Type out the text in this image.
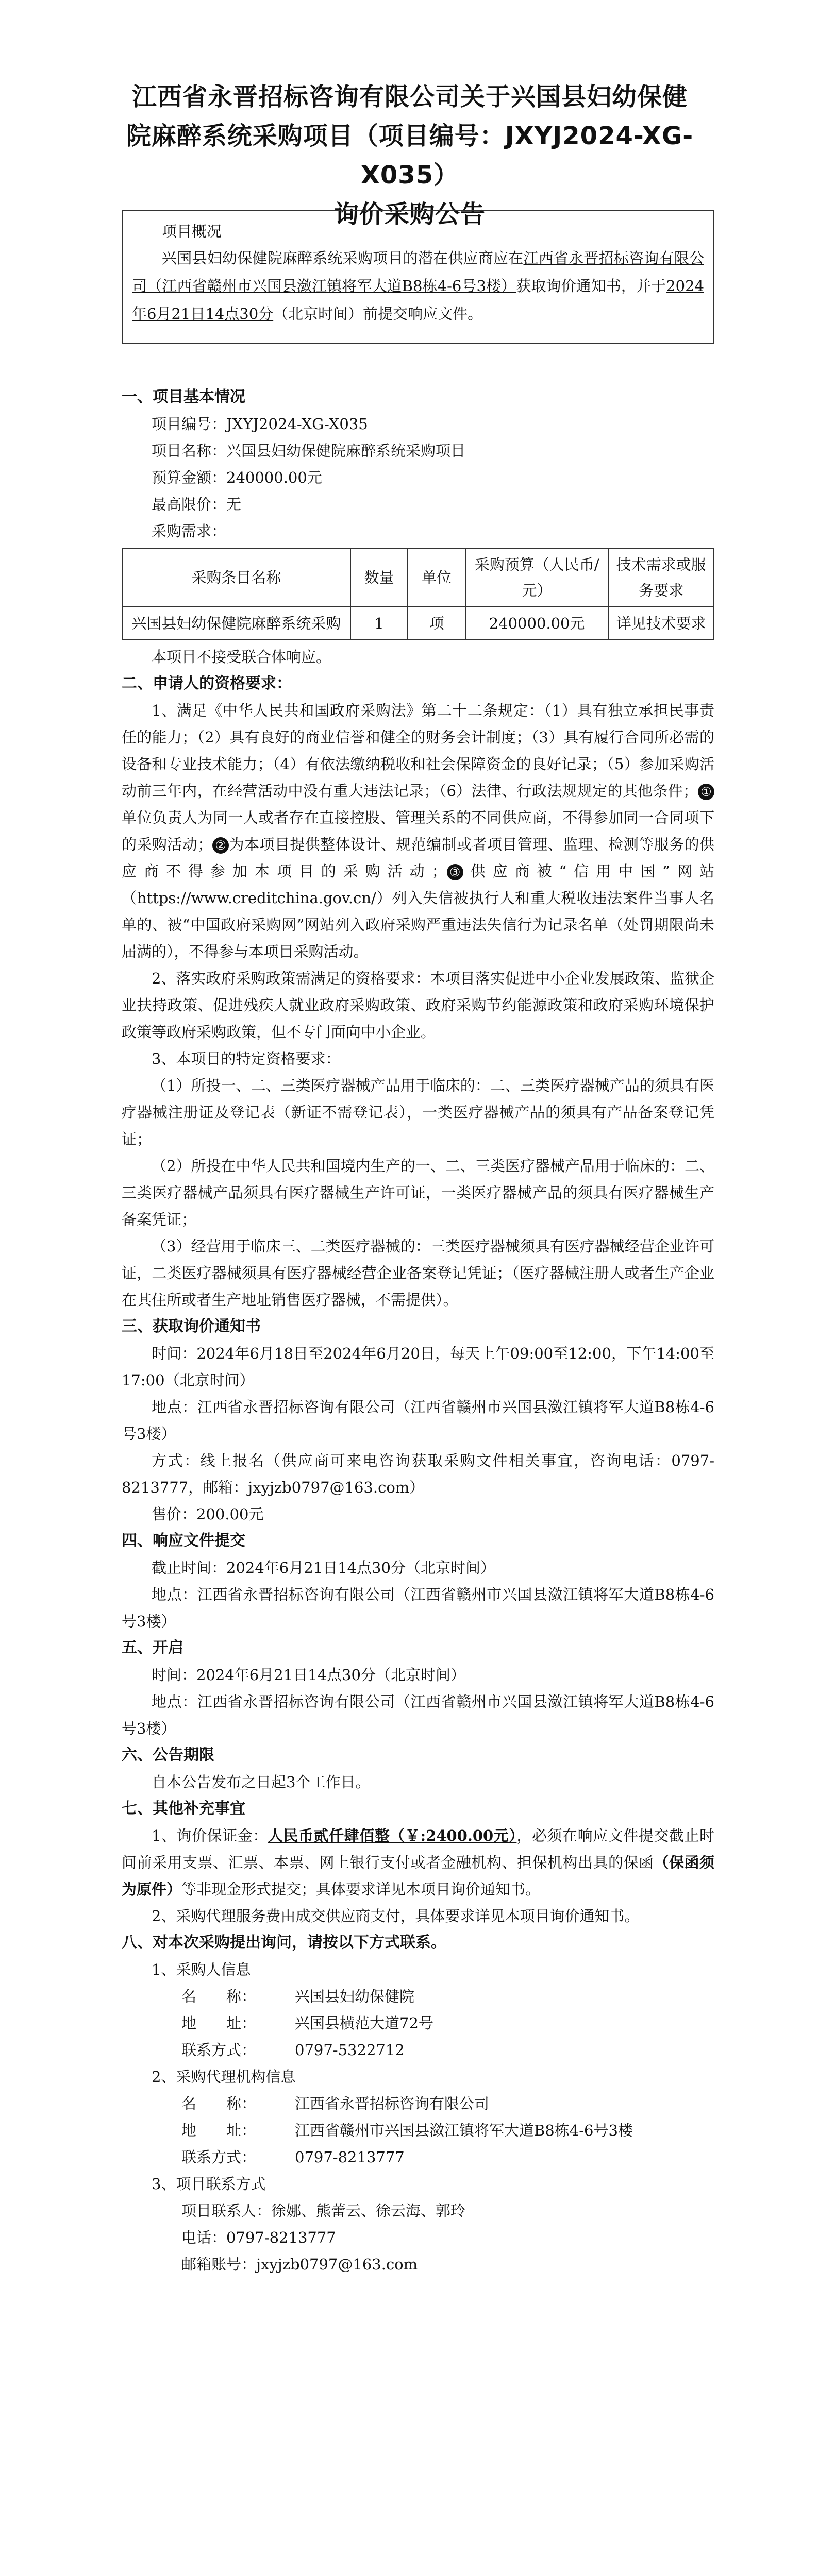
江西省永晋招标咨询有限公司关于兴国县妇幼保健
院麻醉系统采购项目（项目编号：JXYJ2024-XG-X035）
询价采购公告
项目概况
兴国县妇幼保健院麻醉系统采购项目的潜在供应商应在江西省永晋招标咨询有限公司（江西省赣州市兴国县潋江镇将军大道B8栋4-6号3楼）获取询价通知书，并于2024年6月21日14点30分（北京时间）前提交响应文件。

一、项目基本情况

项目编号：JXYJ2024-XG-X035

项目名称：兴国县妇幼保健院麻醉系统采购项目

预算金额：240000.00元

最高限价：无

采购需求：

采购条目名称	数量	单位	采购预算（人民币/元）	技术需求或服务要求
兴国县妇幼保健院麻醉系统采购	1	项	240000.00元	详见技术要求

本项目不接受联合体响应。

二、申请人的资格要求：

1、满足《中华人民共和国政府采购法》第二十二条规定：（1）具有独立承担民事责任的能力；（2）具有良好的商业信誉和健全的财务会计制度；（3）具有履行合同所必需的设备和专业技术能力；（4）有依法缴纳税收和社会保障资金的良好记录；（5）参加采购活动前三年内，在经营活动中没有重大违法记录；（6）法律、行政法规规定的其他条件； ①单位负责人为同一人或者存在直接控股、管理关系的不同供应商，不得参加同一合同项下的采购活动； ② 为本项目提供整体设计、规范编制或者项目管理、监理、检测等服务的供应商不得参加本项目的采购活动； ③ 供应商被“信用中国”网站（https://www.creditchina.gov.cn/）列入失信被执行人和重大税收违法案件当事人名单的、被“中国政府采购网”网站列入政府采购严重违法失信行为记录名单（处罚期限尚未届满的），不得参与本项目采购活动。

2、落实政府采购政策需满足的资格要求：本项目落实促进中小企业发展政策、监狱企业扶持政策、促进残疾人就业政府采购政策、政府采购节约能源政策和政府采购环境保护政策等政府采购政策，但不专门面向中小企业。

3、本项目的特定资格要求：

（1）所投一、二、三类医疗器械产品用于临床的：二、三类医疗器械产品的须具有医疗器械注册证及登记表（新证不需登记表），一类医疗器械产品的须具有产品备案登记凭证；

（2）所投在中华人民共和国境内生产的一、二、三类医疗器械产品用于临床的：二、三类医疗器械产品须具有医疗器械生产许可证，一类医疗器械产品的须具有医疗器械生产备案凭证；

（3）经营用于临床三、二类医疗器械的：三类医疗器械须具有医疗器械经营企业许可证，二类医疗器械须具有医疗器械经营企业备案登记凭证；（医疗器械注册人或者生产企业在其住所或者生产地址销售医疗器械，不需提供）。

三、获取询价通知书

时间：2024年6月18日至2024年6月20日，每天上午09:00至12:00，下午14:00至17:00（北京时间）

地点：江西省永晋招标咨询有限公司（江西省赣州市兴国县潋江镇将军大道B8栋4-6号3楼）

方式：线上报名（供应商可来电咨询获取采购文件相关事宜，咨询电话：0797-8213777，邮箱：jxyjzb0797@163.com）

售价：200.00元

四、响应文件提交

截止时间：2024年6月21日14点30分（北京时间）

地点：江西省永晋招标咨询有限公司（江西省赣州市兴国县潋江镇将军大道B8栋4-6号3楼）

五、开启

时间：2024年6月21日14点30分（北京时间）

地点：江西省永晋招标咨询有限公司（江西省赣州市兴国县潋江镇将军大道B8栋4-6号3楼）

六、公告期限

自本公告发布之日起3个工作日。

七、其他补充事宜

1、询价保证金：人民币贰仟肆佰整（￥:2400.00元），必须在响应文件提交截止时间前采用支票、汇票、本票、网上银行支付或者金融机构、担保机构出具的保函（保函须为原件）等非现金形式提交；具体要求详见本项目询价通知书。

2、采购代理服务费由成交供应商支付，具体要求详见本项目询价通知书。

八、对本次采购提出询问，请按以下方式联系。

1、采购人信息

名　　称：	兴国县妇幼保健院
地　　址：	兴国县横范大道72号
联系方式：	0797-5322712

2、采购代理机构信息

名　　称：	江西省永晋招标咨询有限公司
地　　址：	江西省赣州市兴国县潋江镇将军大道B8栋4-6号3楼
联系方式：	0797-8213777

3、项目联系方式

项目联系人：徐娜、熊蕾云、徐云海、郭玲
电话：0797-8213777
邮箱账号：jxyjzb0797@163.com
